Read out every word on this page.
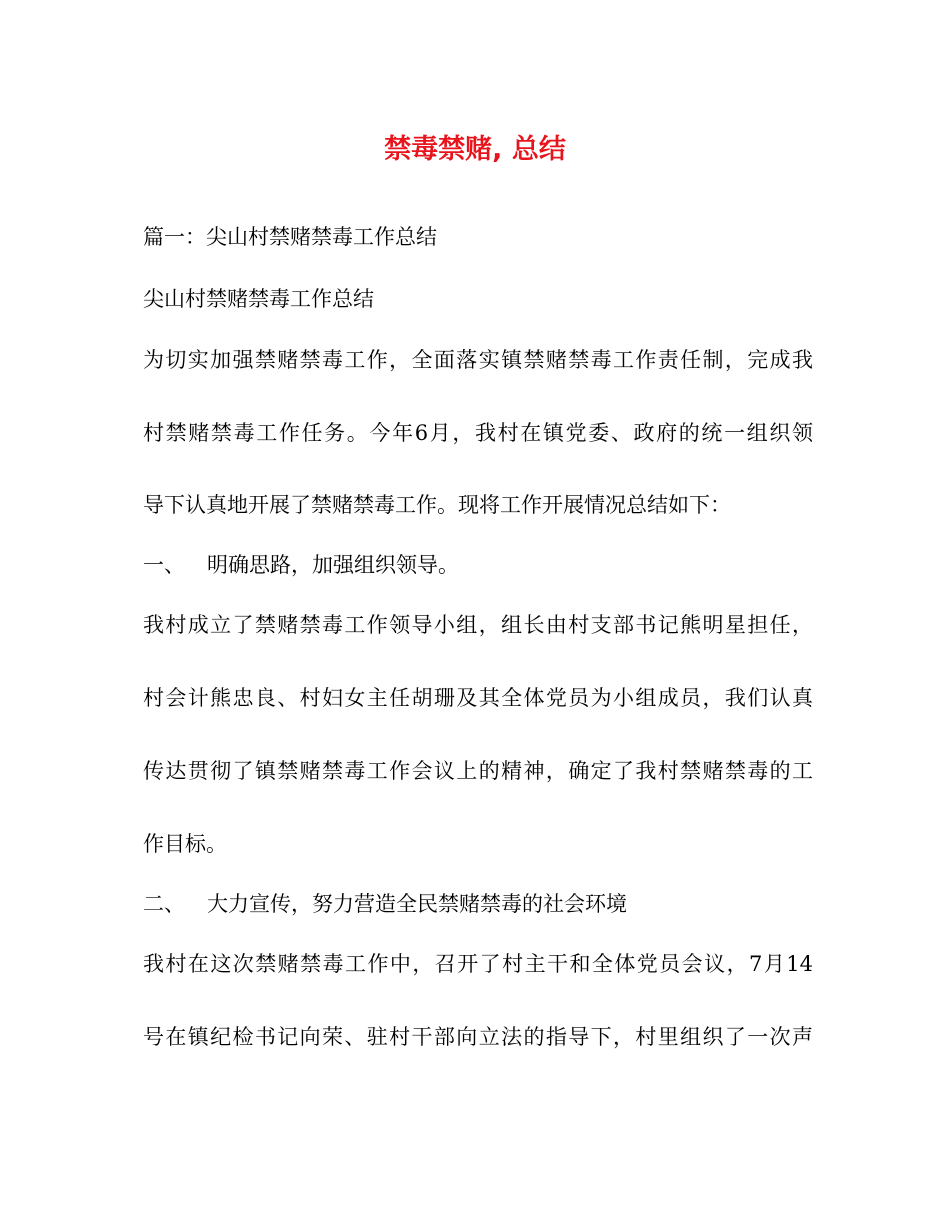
禁毒禁赌, 总结
篇一：尖山村禁赌禁毒工作总结
尖山村禁赌禁毒工作总结
为切实加强禁赌禁毒工作，全面落实镇禁赌禁毒工作责任制，完成我
村禁赌禁毒工作任务。今年6月，我村在镇党委、政府的统一组织领
导下认真地开展了禁赌禁毒工作。现将工作开展情况总结如下：
一、 明确思路，加强组织领导。
我村成立了禁赌禁毒工作领导小组，组长由村支部书记熊明星担任，
村会计熊忠良、村妇女主任胡珊及其全体党员为小组成员，我们认真
传达贯彻了镇禁赌禁毒工作会议上的精神，确定了我村禁赌禁毒的工
作目标。
二、 大力宣传，努力营造全民禁赌禁毒的社会环境
我村在这次禁赌禁毒工作中，召开了村主干和全体党员会议，7月14
号在镇纪检书记向荣、驻村干部向立法的指导下，村里组织了一次声
